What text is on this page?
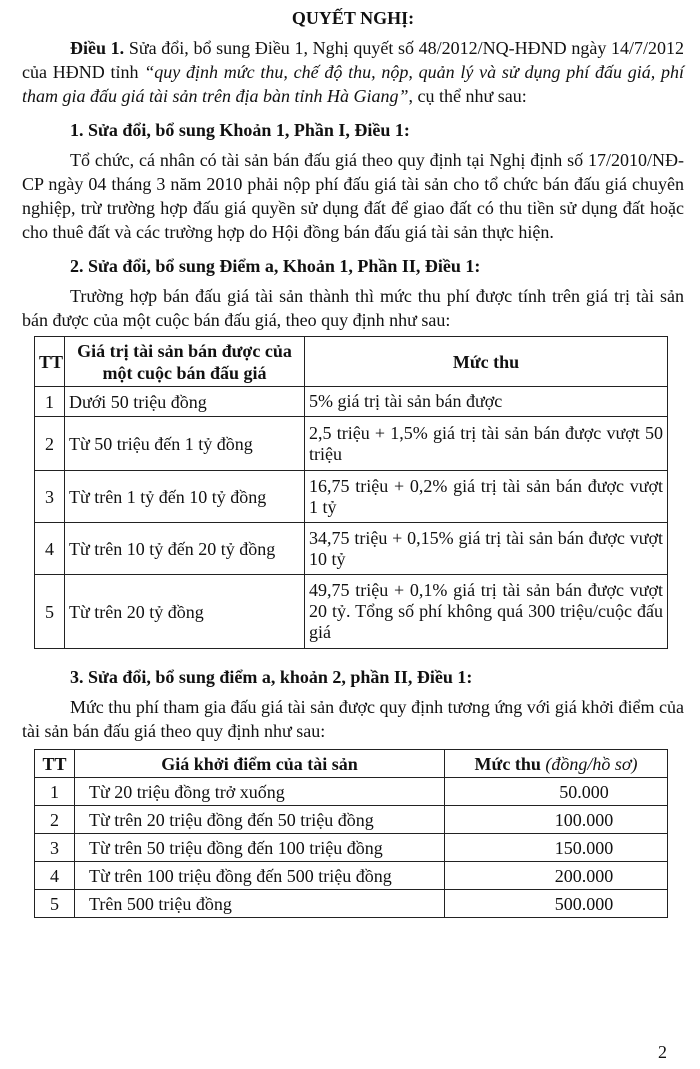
QUYẾT NGHỊ:

Điều 1. Sửa đổi, bổ sung Điều 1, Nghị quyết số 48/2012/NQ-HĐND ngày 14/7/2012 của HĐND tỉnh “quy định mức thu, chế độ thu, nộp, quản lý và sử dụng phí đấu giá, phí tham gia đấu giá tài sản trên địa bàn tỉnh Hà Giang”, cụ thể như sau:

1. Sửa đổi, bổ sung Khoản 1, Phần I, Điều 1:

Tổ chức, cá nhân có tài sản bán đấu giá theo quy định tại Nghị định số 17/2010/NĐ-CP ngày 04 tháng 3 năm 2010 phải nộp phí đấu giá tài sản cho tổ chức bán đấu giá chuyên nghiệp, trừ trường hợp đấu giá quyền sử dụng đất để giao đất có thu tiền sử dụng đất hoặc cho thuê đất và các trường hợp do Hội đồng bán đấu giá tài sản thực hiện.

2. Sửa đổi, bổ sung Điểm a, Khoản 1, Phần II, Điều 1:

Trường hợp bán đấu giá tài sản thành thì mức thu phí được tính trên giá trị tài sản bán được của một cuộc bán đấu giá, theo quy định như sau:

TT	Giá trị tài sản bán được của một cuộc bán đấu giá	Mức thu
1	Dưới 50 triệu đồng	5% giá trị tài sản bán được
2	Từ 50 triệu đến 1 tỷ đồng	2,5 triệu + 1,5% giá trị tài sản bán được vượt 50 triệu
3	Từ trên 1 tỷ đến 10 tỷ đồng	16,75 triệu + 0,2% giá trị tài sản bán được vượt 1 tỷ
4	Từ trên 10 tỷ đến 20 tỷ đồng	34,75 triệu + 0,15% giá trị tài sản bán được vượt 10 tỷ
5	Từ trên 20 tỷ đồng	49,75 triệu + 0,1% giá trị tài sản bán được vượt 20 tỷ. Tổng số phí không quá 300 triệu/cuộc đấu giá
3. Sửa đổi, bổ sung điểm a, khoản 2, phần II, Điều 1:

Mức thu phí tham gia đấu giá tài sản được quy định tương ứng với giá khởi điểm của tài sản bán đấu giá theo quy định như sau:

TT	Giá khởi điểm của tài sản	Mức thu (đồng/hồ sơ)
1	Từ 20 triệu đồng trở xuống	50.000
2	Từ trên 20 triệu đồng đến 50 triệu đồng	100.000
3	Từ trên 50 triệu đồng đến 100 triệu đồng	150.000
4	Từ trên 100 triệu đồng đến 500 triệu đồng	200.000
5	Trên 500 triệu đồng	500.000
2
